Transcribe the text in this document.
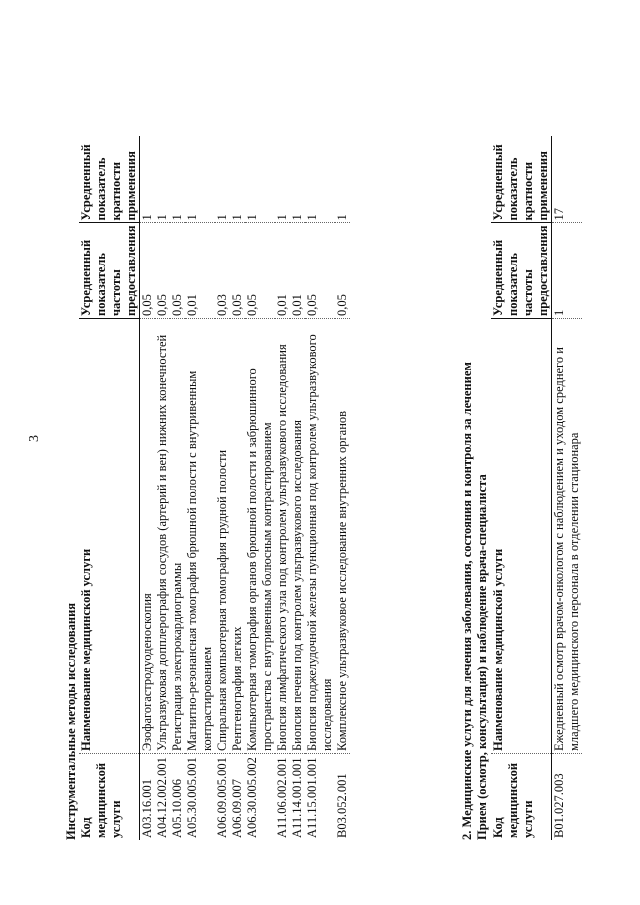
3
Инструментальные методы исследования Код медицинской услуги	Наименование медицинской услуги	Усредненный показатель частоты предоставления	Усредненный показатель кратности применения
A03.16.001	Эзофагогастродуоденоскопия	0,05	1
A04.12.002.001	Ультразвуковая допплерография сосудов (артерий и вен) нижних конечностей	0,05	1
A05.10.006	Регистрация электрокардиограммы	0,05	1
A05.30.005.001	Магнитно-резонансная томография брюшной полости с внутривенным контрастированием	0,01	1
A06.09.005.001	Спиральная компьютерная томография грудной полости	0,03	1
A06.09.007	Рентгенография легких	0,05	1
A06.30.005.002	Компьютерная томография органов брюшной полости и забрюшинного пространства с внутривенным болюсным контрастированием	0,05	1
A11.06.002.001	Биопсия лимфатического узла под контролем ультразвукового исследования	0,01	1
A11.14.001.001	Биопсия печени под контролем ультразвукового исследования	0,01	1
A11.15.001.001	Биопсия поджелудочной железы пункционная под контролем ультразвукового исследования	0,05	1
B03.052.001	Комплексное ультразвуковое исследование внутренних органов	0,05	1
2. Медицинские услуги для лечения заболевания, состояния и контроля за лечением Прием (осмотр, консультация) и наблюдение врача-специалиста Код медицинской услуги	Наименование медицинской услуги	Усредненный показатель частоты предоставления	Усредненный показатель кратности применения
B01.027.003	Ежедневный осмотр врачом-онкологом с наблюдением и уходом среднего и младшего медицинского персонала в отделении стационара	1	17
